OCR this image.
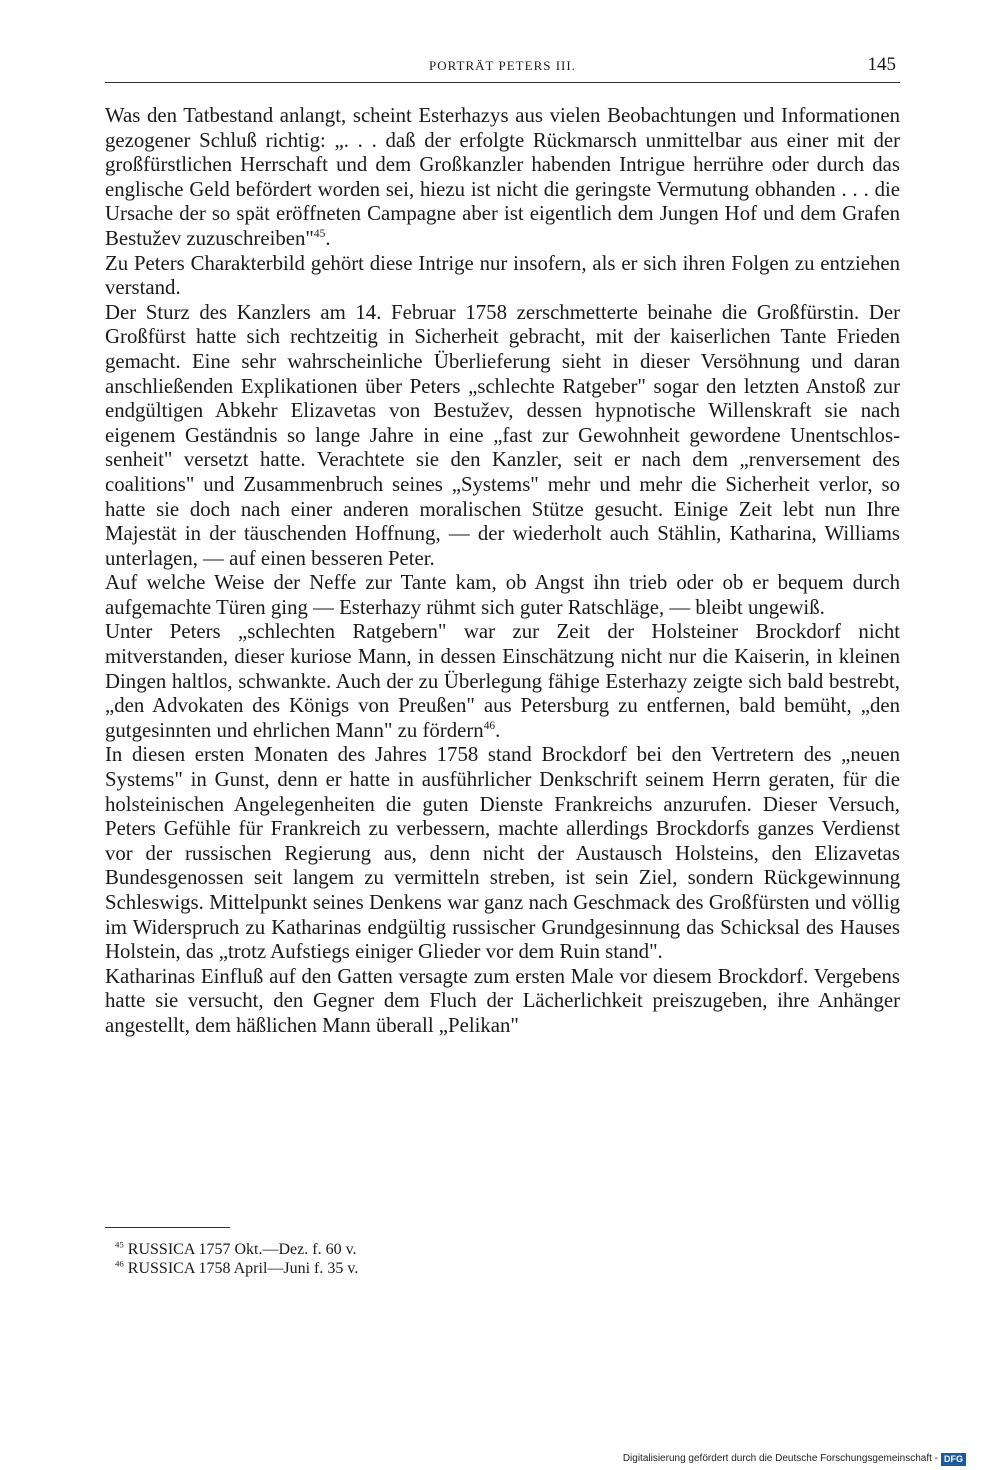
PORTRÄT PETERS III.	145

Was den Tatbestand anlangt, scheint Esterhazys aus vielen Beobachtungen und Informationen gezogener Schluß richtig: „. . . daß der erfolgte Rückmarsch unmittelbar aus einer mit der großfürstlichen Herrschaft und dem Großkanzler habenden Intrigue herrühre oder durch das englische Geld befördert worden sei, hiezu ist nicht die geringste Vermutung obhanden . . . die Ursache der so spät eröffneten Campagne aber ist eigentlich dem Jungen Hof und dem Grafen Bestužev zuzuschreiben"$^{45}$.

Zu Peters Charakterbild gehört diese Intrige nur insofern, als er sich ihren Folgen zu entziehen verstand.

Der Sturz des Kanzlers am 14. Februar 1758 zerschmetterte beinahe die Großfürstin. Der Großfürst hatte sich rechtzeitig in Sicherheit gebracht, mit der kaiserlichen Tante Frieden gemacht. Eine sehr wahrscheinliche Überlieferung sieht in dieser Versöhnung und daran anschließenden Explikationen über Peters „schlechte Ratgeber" sogar den letzten Anstoß zur endgültigen Abkehr Elizavetas von Bestužev, dessen hypnotische Willenskraft sie nach eigenem Geständnis so lange Jahre in eine „fast zur Gewohnheit gewordene Unentschlossenheit" versetzt hatte. Verachtete sie den Kanzler, seit er nach dem „renversement des coalitions" und Zusammenbruch seines „Systems" mehr und mehr die Sicherheit verlor, so hatte sie doch nach einer anderen moralischen Stütze gesucht. Einige Zeit lebt nun Ihre Majestät in der täuschenden Hoffnung, — der wiederholt auch Stählin, Katharina, Williams unterlagen, — auf einen besseren Peter.

Auf welche Weise der Neffe zur Tante kam, ob Angst ihn trieb oder ob er bequem durch aufgemachte Türen ging — Esterhazy rühmt sich guter Ratschläge, — bleibt ungewiß.

Unter Peters „schlechten Ratgebern" war zur Zeit der Holsteiner Brockdorf nicht mitverstanden, dieser kuriose Mann, in dessen Einschätzung nicht nur die Kaiserin, in kleinen Dingen haltlos, schwankte. Auch der zu Überlegung fähige Esterhazy zeigte sich bald bestrebt, „den Advokaten des Königs von Preußen" aus Petersburg zu entfernen, bald bemüht, „den gutgesinnten und ehrlichen Mann" zu fördern$^{46}$.

In diesen ersten Monaten des Jahres 1758 stand Brockdorf bei den Vertretern des „neuen Systems" in Gunst, denn er hatte in ausführlicher Denkschrift seinem Herrn geraten, für die holsteinischen Angelegenheiten die guten Dienste Frankreichs anzurufen. Dieser Versuch, Peters Gefühle für Frankreich zu verbessern, machte allerdings Brockdorfs ganzes Verdienst vor der russischen Regierung aus, denn nicht der Austausch Holsteins, den Elizavetas Bundesgenossen seit langem zu vermitteln streben, ist sein Ziel, sondern Rückgewinnung Schleswigs. Mittelpunkt seines Denkens war ganz nach Geschmack des Großfürsten und völlig im Widerspruch zu Katharinas endgültig russischer Grundgesinnung das Schicksal des Hauses Holstein, das „trotz Aufstiegs einiger Glieder vor dem Ruin stand".

Katharinas Einfluß auf den Gatten versagte zum ersten Male vor diesem Brockdorf. Vergebens hatte sie versucht, den Gegner dem Fluch der Lächerlichkeit preiszugeben, ihre Anhänger angestellt, dem häßlichen Mann überall „Pelikan"

$^{45}$ RUSSICA 1757 Okt.—Dez. f. 60 v.
$^{46}$ RUSSICA 1758 April—Juni f. 35 v.
Digitalisierung gefördert durch die Deutsche Forschungsgemeinschaft - DFG
